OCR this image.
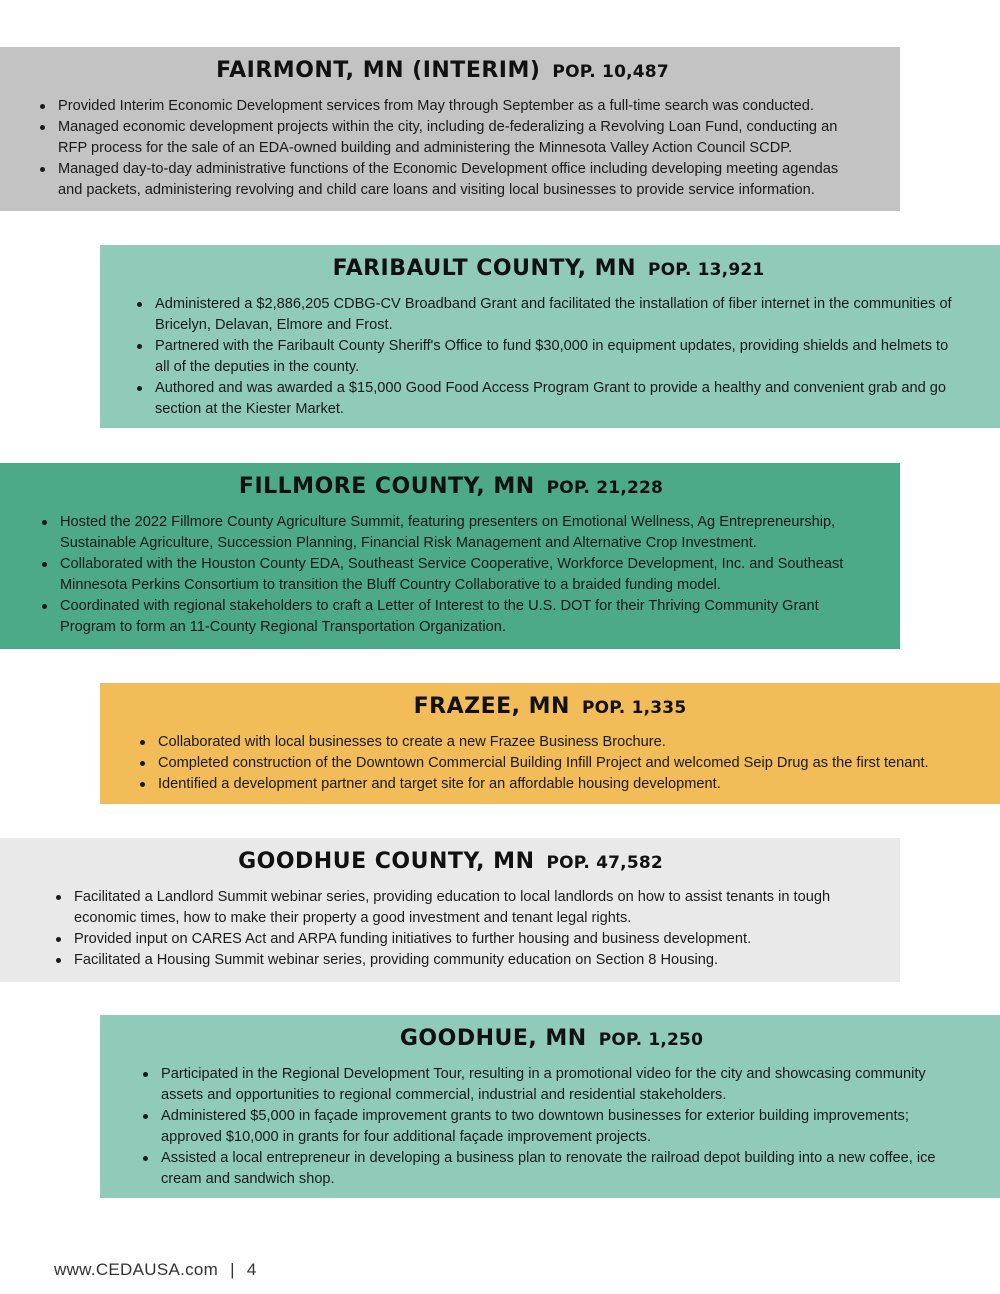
FAIRMONT, MN (INTERIM) POP. 10,487
Provided Interim Economic Development services from May through September as a full-time search was conducted.
Managed economic development projects within the city, including de-federalizing a Revolving Loan Fund, conducting an RFP process for the sale of an EDA-owned building and administering the Minnesota Valley Action Council SCDP.
Managed day-to-day administrative functions of the Economic Development office including developing meeting agendas and packets, administering revolving and child care loans and visiting local businesses to provide service information.
FARIBAULT COUNTY, MN POP. 13,921
Administered a $2,886,205 CDBG-CV Broadband Grant and facilitated the installation of fiber internet in the communities of Bricelyn, Delavan, Elmore and Frost.
Partnered with the Faribault County Sheriff's Office to fund $30,000 in equipment updates, providing shields and helmets to all of the deputies in the county.
Authored and was awarded a $15,000 Good Food Access Program Grant to provide a healthy and convenient grab and go section at the Kiester Market.
FILLMORE COUNTY, MN POP. 21,228
Hosted the 2022 Fillmore County Agriculture Summit, featuring presenters on Emotional Wellness, Ag Entrepreneurship, Sustainable Agriculture, Succession Planning, Financial Risk Management and Alternative Crop Investment.
Collaborated with the Houston County EDA, Southeast Service Cooperative, Workforce Development, Inc. and Southeast Minnesota Perkins Consortium to transition the Bluff Country Collaborative to a braided funding model.
Coordinated with regional stakeholders to craft a Letter of Interest to the U.S. DOT for their Thriving Community Grant Program to form an 11-County Regional Transportation Organization.
FRAZEE, MN POP. 1,335
Collaborated with local businesses to create a new Frazee Business Brochure.
Completed construction of the Downtown Commercial Building Infill Project and welcomed Seip Drug as the first tenant.
Identified a development partner and target site for an affordable housing development.
GOODHUE COUNTY, MN POP. 47,582
Facilitated a Landlord Summit webinar series, providing education to local landlords on how to assist tenants in tough economic times, how to make their property a good investment and tenant legal rights.
Provided input on CARES Act and ARPA funding initiatives to further housing and business development.
Facilitated a Housing Summit webinar series, providing community education on Section 8 Housing.
GOODHUE, MN POP. 1,250
Participated in the Regional Development Tour, resulting in a promotional video for the city and showcasing community assets and opportunities to regional commercial, industrial and residential stakeholders.
Administered $5,000 in façade improvement grants to two downtown businesses for exterior building improvements; approved $10,000 in grants for four additional façade improvement projects.
Assisted a local entrepreneur in developing a business plan to renovate the railroad depot building into a new coffee, ice cream and sandwich shop.
www.CEDAUSA.com | 4
